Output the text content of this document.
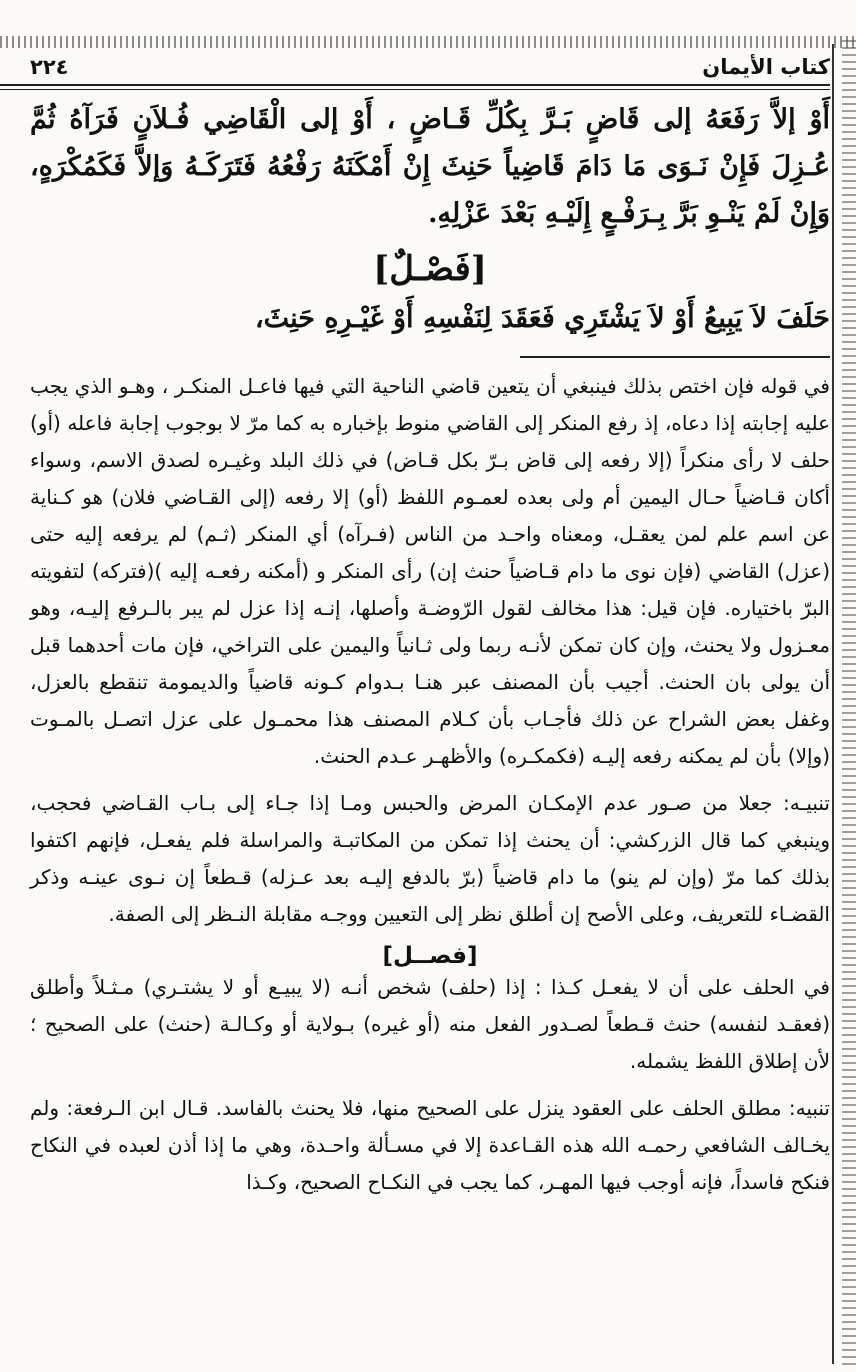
كتاب الأيمان
٢٢٤

أَوْ إلاَّ رَفَعَهُ إلى قَاضٍ بَـرَّ بِكُلِّ قَـاضٍ ، أَوْ إلى الْقَاضِي فُـلاَنٍ فَرَآهُ ثُمَّ عُـزِلَ فَإِنْ نَـوَى مَا دَامَ قَاضِياً حَنِثَ إِنْ أَمْكَنَهُ رَفْعُهُ فَتَرَكَـهُ وَإلاَّ فَكَمُكْرَهٍ، وَإِنْ لَمْ يَنْـوِ بَرَّ بِـرَفْـعٍ إِلَيْـهِ بَعْدَ عَزْلِهِ.

[فَصْـلٌ]

حَلَفَ لاَ يَبِيعُ أَوْ لاَ يَشْتَرِي فَعَقَدَ لِنَفْسِهِ أَوْ غَيْـرِهِ حَنِثَ،

في قوله فإن اختص بذلك فينبغي أن يتعين قاضي الناحية التي فيها فاعـل المنكـر ، وهـو الذي يجب عليه إجابته إذا دعاه، إذ رفع المنكر إلى القاضي منوط بإخباره به كما مرّ لا بوجوب إجابة فاعله (أو) حلف لا رأى منكراً (إلا رفعه إلى قاض بـرّ بكل قـاض) في ذلك البلد وغيـره لصدق الاسم، وسواء أكان قـاضياً حـال اليمين أم ولى بعده لعمـوم اللفظ (أو) إلا رفعه (إلى القـاضي فلان) هو كـناية عن اسم علم لمن يعقـل، ومعناه واحـد من الناس (فـرآه) أي المنكر (ثـم) لم يرفعه إليه حتى (عزل) القاضي (فإن نوى ما دام قـاضياً حنث إن) رأى المنكر و (أمكنه رفعـه إليه )(فتركه) لتفويته البرّ باختياره. فإن قيل: هذا مخالف لقول الرّوضـة وأصلها، إنـه إذا عزل لم يبر بالـرفع إليـه، وهو معـزول ولا يحنث، وإن كان تمكن لأنـه ربما ولى ثـانياً واليمين على التراخي، فإن مات أحدهما قبل أن يولى بان الحنث. أجيب بأن المصنف عبر هنـا بـدوام كـونه قاضياً والديمومة تنقطع بالعزل، وغفل بعض الشراح عن ذلك فأجـاب بأن كـلام المصنف هذا محمـول على عزل اتصـل بالمـوت (وإلا) بأن لم يمكنه رفعه إليـه (فكمكـره) والأظهـر عـدم الحنث.

تنبيـه: جعلا من صـور عدم الإمكـان المرض والحبس ومـا إذا جـاء إلى بـاب القـاضي فحجب، وينبغي كما قال الزركشي: أن يحنث إذا تمكن من المكاتبـة والمراسلة فلم يفعـل، فإنهم اكتفوا بذلك كما مرّ (وإن لم ينو) ما دام قاضياً (برّ بالدفع إليـه بعد عـزله) قـطعاً إن نـوى عينـه وذكر القضـاء للتعريف، وعلى الأصح إن أطلق نظر إلى التعيين ووجـه مقابلة النـظر إلى الصفة.

[فصــل]

في الحلف على أن لا يفعـل كـذا : إذا (حلف) شخص أنـه (لا يبيـع أو لا يشتـري) مـثـلاً وأطلق (فعقـد لنفسه) حنث قـطعاً لصـدور الفعل منه (أو غيره) بـولاية أو وكـالـة (حنث) على الصحيح ؛ لأن إطلاق اللفظ يشمله.

تنبيه: مطلق الحلف على العقود ينزل على الصحيح منها، فلا يحنث بالفاسد. قـال ابن الـرفعة: ولم يخـالف الشافعي رحمـه الله هذه القـاعدة إلا في مسـألة واحـدة، وهي ما إذا أذن لعبده في النكاح فنكح فاسداً، فإنه أوجب فيها المهـر، كما يجب في النكـاح الصحيح، وكـذا
